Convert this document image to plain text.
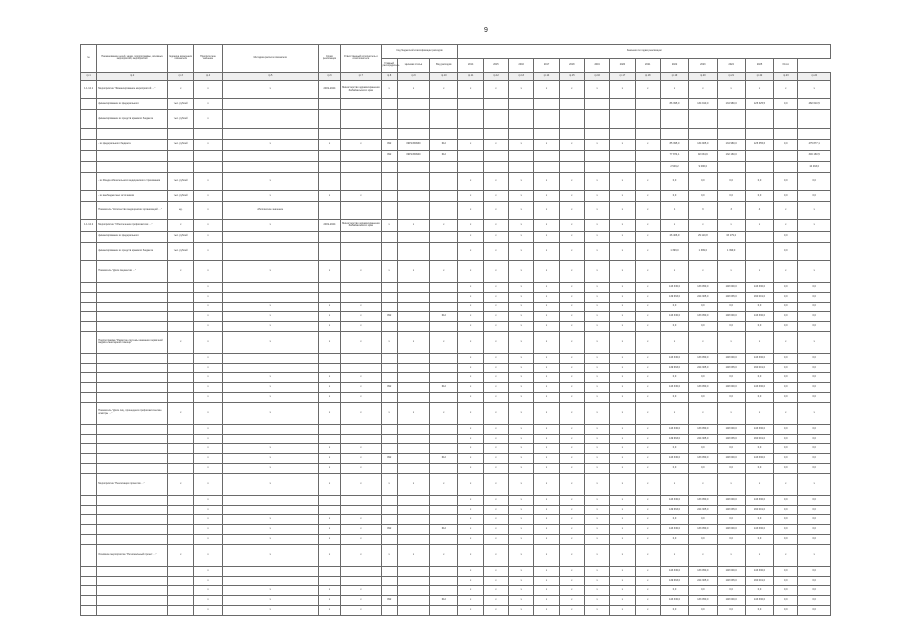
9
№	Наименование целей, задач, подпрограммы, основных мероприятий, мероприятий	Единица измерения показателя	Приоритетное значение	Методика расчета показателя	Сроки реализации	Ответственный исполнитель и соисполнители	Код бюджетной классификации расходов			Значения по годам реализации													
							Главный распорядитель	Целевая статья	Вид расходов	2014	2015	2016	2017	2018	2019	2020	2021	2022	2023	2024	2025	Итого	
гр.1	гр.2	гр.3	гр.4	гр.5	гр.6	гр.7	гр.8	гр.9	гр.10	гр.11	гр.12	гр.13	гр.14	гр.15	гр.16	гр.17	гр.18	гр.19	гр.20	гр.21	гр.22	гр.23	гр.24
1.1.12.1	Мероприятие "Финансирование мероприятий …"	х	х	х	2019-2024	Министерство здравоохранения Забайкальского края	х	х	х	х	х	х	х	х	х	х	х	х	х	х	х	х	х
	финансирование из федерального	тыс. рублей	х															86 395,0	134 910,0	134 980,0	125 325,5	0,0	482 610,5
	финансирование из средств краевого бюджета	тыс. рублей	х																				

	- из федерального бюджета	тыс. рублей	х	х	х	х	092	09Р1450930	612	х	х	х	х	х	х	х	х	85 395,0	134 905,0	134 980,0	125 355,6	0,0	475 877,1
							092	09Р1450940	612									77 874,1	92 034,9	132 160,0			346 160,5
																		2 549,2	9 096,0				10 463,0
	- из Фонда обязательного медицинского страхования	тыс. рублей	х	х						х	х	х	х	х	х	х	х	0,0	0,0	0,0	0,0	0,0	0,0
	- из внебюджетных источников	тыс. рублей	х	х	х	х				х	х	х	х	х	х	х	х	0,0	0,0	0,0	0,0	0,0	0,0
	Показатель "Количество медицинских организаций …"	ед.	х	Абсолютное значение						х	х	х	х	х	х	х	х	1	3	3	4	х	х
1.1.12.2	Мероприятие "Обеспечение профилактики …"	х	х	х	2019-2024	Министерство здравоохранения Забайкальского края	х	х	х	х	х	х	х	х	х	х	х	х	х	х	х	х	х
	финансирование из федерального	тыс. рублей	х							х	х	х	х	х	х	х	х	26 406,9	29 110,8	33 179,2		0,0	
	финансирование из средств краевого бюджета	тыс. рублей	х							х	х	х	х	х	х	х	х	1 399,0	1 399,0	1 399,0		0,0	
	Показатель "Доля пациентов …"	х	х	х	х	х	х	х	х	х	х	х	х	х	х	х	х	х	х	х	х	х	х
			х							х	х	х	х	х	х	х	х	143 330,0	133 050,0	148 000,0	143 330,0	0,0	0,0
			х							х	х	х	х	х	х	х	х	149 663,0	224 305,0	148 035,0	160 001,0	0,0	0,0
			х	х	х	х				х	х	х	х	х	х	х	х	0,0	0,0	0,0	0,0	0,0	0,0
			х	х	х	х	092		612	х	х	х	х	х	х	х	х	143 330,0	133 050,0	148 000,0	143 330,0	0,0	0,0
			х	х	х	х				х	х	х	х	х	х	х	х	0,0	0,0	0,0	0,0	0,0	0,0
	Подпрограмма "Развитие системы оказания первичной медико-санитарной помощи"	х	х	х	х	х	х	х	х	х	х	х	х	х	х	х	х	х	х	х	х	х	х
			х							х	х	х	х	х	х	х	х	143 330,0	133 050,0	148 000,0	143 330,0	0,0	0,0
			х							х	х	х	х	х	х	х	х	149 663,0	224 305,0	148 035,0	160 001,0	0,0	0,0
			х	х	х	х				х	х	х	х	х	х	х	х	0,0	0,0	0,0	0,0	0,0	0,0
			х	х	х	х	092		612	х	х	х	х	х	х	х	х	143 330,0	133 050,0	148 000,0	143 330,0	0,0	0,0
			х	х	х	х				х	х	х	х	х	х	х	х	0,0	0,0	0,0	0,0	0,0	0,0
	Показатель "Доля лиц, прошедших профилактические осмотры …"	х	х	х	х	х	х	х	х	х	х	х	х	х	х	х	х	х	х	х	х	х	х
			х							х	х	х	х	х	х	х	х	143 330,0	133 050,0	148 000,0	143 330,0	0,0	0,0
			х							х	х	х	х	х	х	х	х	149 663,0	224 305,0	148 035,0	160 001,0	0,0	0,0
			х	х	х	х				х	х	х	х	х	х	х	х	0,0	0,0	0,0	0,0	0,0	0,0
			х	х	х	х	092		612	х	х	х	х	х	х	х	х	143 330,0	133 050,0	148 000,0	143 330,0	0,0	0,0
			х	х	х	х				х	х	х	х	х	х	х	х	0,0	0,0	0,0	0,0	0,0	0,0
	Мероприятие "Реализация проектов …"	х	х	х	х	х	х	х	х	х	х	х	х	х	х	х	х	х	х	х	х	х	х
			х							х	х	х	х	х	х	х	х	143 330,0	133 050,0	148 000,0	143 330,0	0,0	0,0
			х							х	х	х	х	х	х	х	х	149 663,0	224 305,0	148 035,0	160 001,0	0,0	0,0
			х	х	х	х				х	х	х	х	х	х	х	х	0,0	0,0	0,0	0,0	0,0	0,0
			х	х	х	х	092		612	х	х	х	х	х	х	х	х	143 330,0	133 050,0	148 000,0	143 330,0	0,0	0,0
			х	х	х	х				х	х	х	х	х	х	х	х	0,0	0,0	0,0	0,0	0,0	0,0
	Основное мероприятие "Региональный проект …"	х	х	х	х	х	х	х	х	х	х	х	х	х	х	х	х	х	х	х	х	х	х
			х							х	х	х	х	х	х	х	х	143 330,0	133 050,0	148 000,0	143 330,0	0,0	0,0
			х							х	х	х	х	х	х	х	х	149 663,0	224 305,0	148 035,0	160 001,0	0,0	0,0
			х	х	х	х				х	х	х	х	х	х	х	х	0,0	0,0	0,0	0,0	0,0	0,0
			х	х	х	х	092		612	х	х	х	х	х	х	х	х	143 330,0	133 050,0	148 000,0	143 330,0	0,0	0,0
			х	х	х	х				х	х	х	х	х	х	х	х	0,0	0,0	0,0	0,0	0,0	0,0
